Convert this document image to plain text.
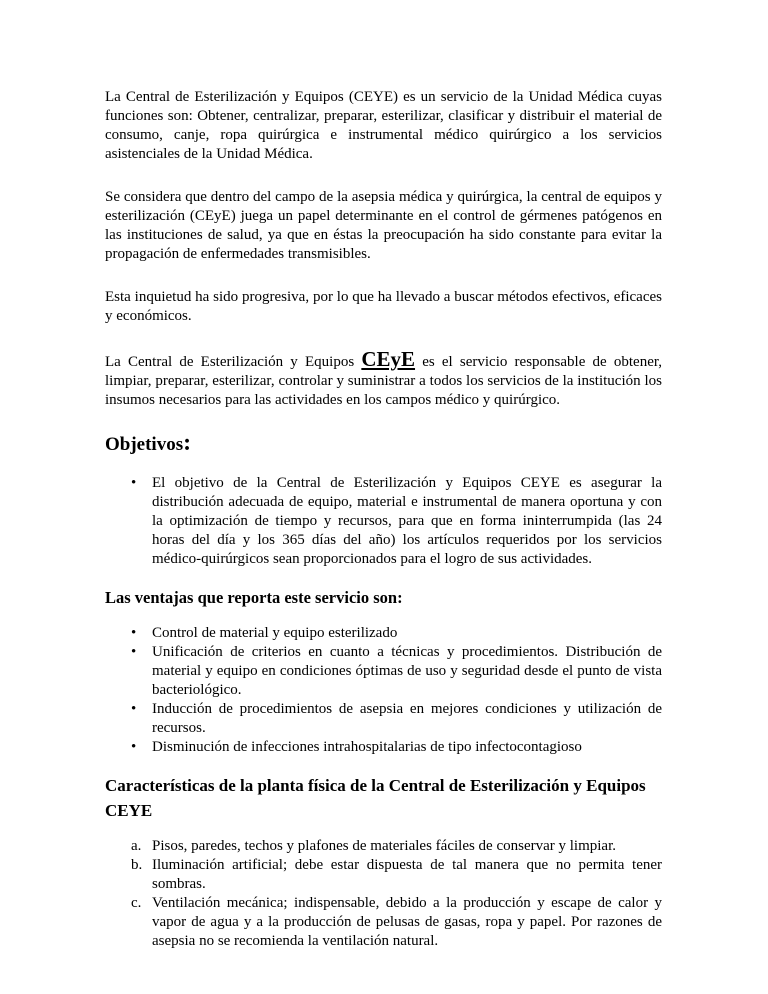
La Central de Esterilización y Equipos (CEYE) es un servicio de la Unidad Médica cuyas funciones son: Obtener, centralizar, preparar, esterilizar, clasificar y distribuir el material de consumo, canje, ropa quirúrgica e instrumental médico quirúrgico a los servicios asistenciales de la Unidad Médica.

Se considera que dentro del campo de la asepsia médica y quirúrgica, la central de equipos y esterilización (CEyE) juega un papel determinante en el control de gérmenes patógenos en las instituciones de salud, ya que en éstas la preocupación ha sido constante para evitar la propagación de enfermedades transmisibles.

Esta inquietud ha sido progresiva, por lo que ha llevado a buscar métodos efectivos, eficaces y económicos.

La Central de Esterilización y Equipos CEyE es el servicio responsable de obtener, limpiar, preparar, esterilizar, controlar y suministrar a todos los servicios de la institución los insumos necesarios para las actividades en los campos médico y quirúrgico.

Objetivos:
•	El objetivo de la Central de Esterilización y Equipos CEYE es asegurar la distribución adecuada de equipo, material e instrumental de manera oportuna y con la optimización de tiempo y recursos, para que en forma ininterrumpida (las 24 horas del día y los 365 días del año) los artículos requeridos por los servicios médico-quirúrgicos sean proporcionados para el logro de sus actividades.
Las ventajas que reporta este servicio son:
•	Control de material y equipo esterilizado
•	Unificación de criterios en cuanto a técnicas y procedimientos. Distribución de material y equipo en condiciones óptimas de uso y seguridad desde el punto de vista bacteriológico.
•	Inducción de procedimientos de asepsia en mejores condiciones y utilización de recursos.
•	Disminución de infecciones intrahospitalarias de tipo infectocontagioso
Características de la planta física de la Central de Esterilización y Equipos CEYE
a. Pisos, paredes, techos y plafones de materiales fáciles de conservar y limpiar.
b. Iluminación artificial; debe estar dispuesta de tal manera que no permita tener sombras.
c. Ventilación mecánica; indispensable, debido a la producción y escape de calor y vapor de agua y a la producción de pelusas de gasas, ropa y papel. Por razones de asepsia no se recomienda la ventilación natural.
